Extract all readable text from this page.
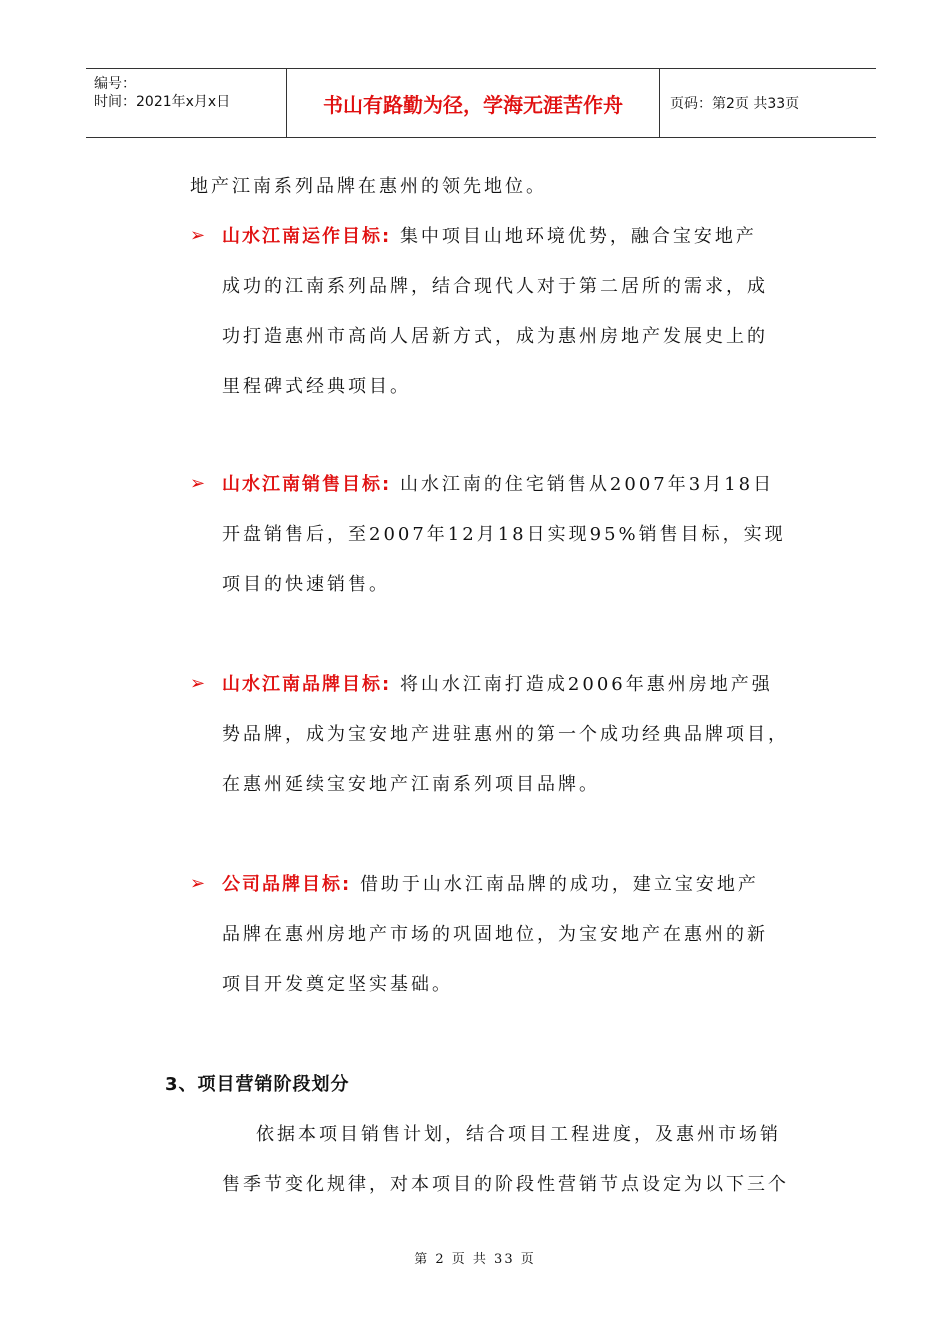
编号：
时间：2021年x月x日	书山有路勤为径，学海无涯苦作舟	页码：第2页 共33页
地产江南系列品牌在惠州的领先地位。
➢ 山水江南运作目标: 集中项目山地环境优势，融合宝安地产
成功的江南系列品牌，结合现代人对于第二居所的需求，成
功打造惠州市高尚人居新方式，成为惠州房地产发展史上的
里程碑式经典项目。
➢ 山水江南销售目标: 山水江南的住宅销售从2007年3月18日
开盘销售后，至2007年12月18日实现95%销售目标，实现
项目的快速销售。
➢ 山水江南品牌目标: 将山水江南打造成2006年惠州房地产强
势品牌，成为宝安地产进驻惠州的第一个成功经典品牌项目，
在惠州延续宝安地产江南系列项目品牌。
➢ 公司品牌目标: 借助于山水江南品牌的成功，建立宝安地产
品牌在惠州房地产市场的巩固地位，为宝安地产在惠州的新
项目开发奠定坚实基础。
3、项目营销阶段划分
依据本项目销售计划，结合项目工程进度，及惠州市场销
售季节变化规律，对本项目的阶段性营销节点设定为以下三个
第 2 页 共 33 页
